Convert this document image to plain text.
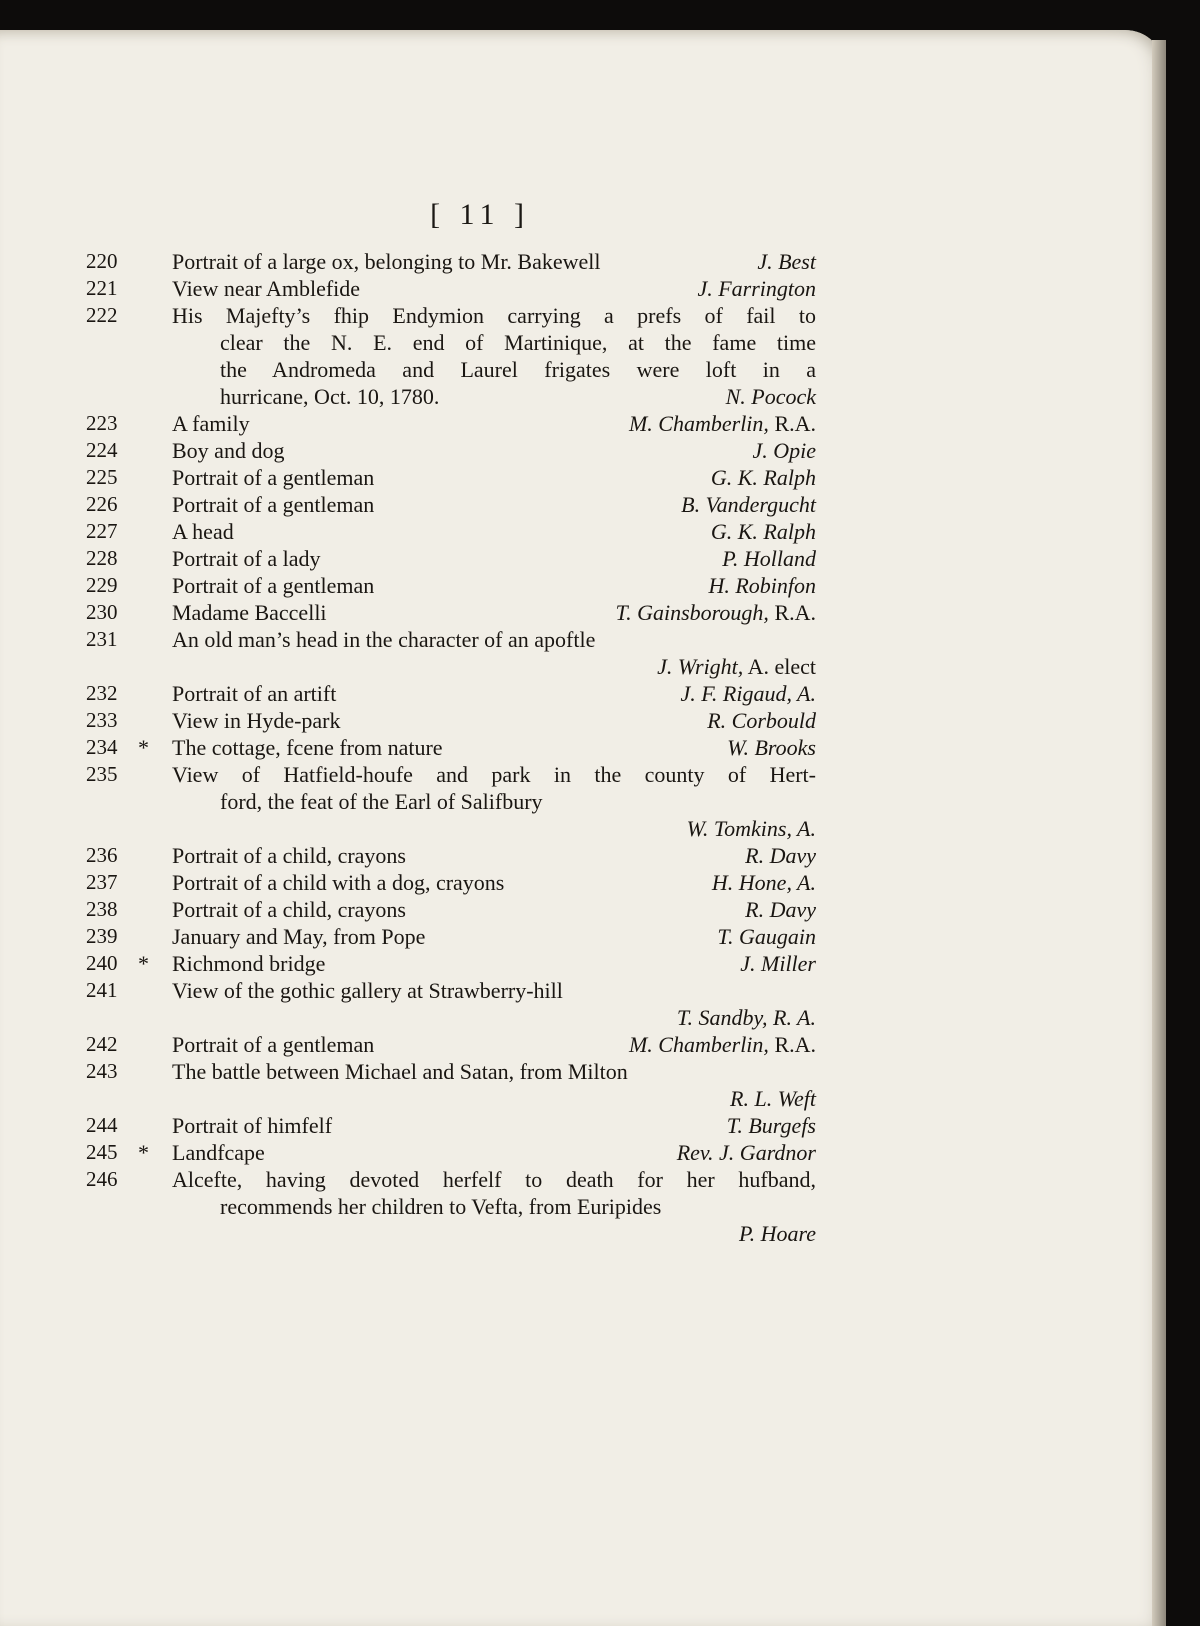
[ 11 ]
220	Portrait of a large ox, belonging to Mr. Bakewell	J. Best
221	View near Amblefide	J. Farrington
222	His Majefty’s fhip Endymion carrying a prefs of fail to
clear the N. E. end of Martinique, at the fame time
the Andromeda and Laurel frigates were loft in a
hurricane, Oct. 10, 1780.	N. Pocock
223	A family	M. Chamberlin, R.A.
224	Boy and dog	J. Opie
225	Portrait of a gentleman	G. K. Ralph
226	Portrait of a gentleman	B. Vandergucht
227	A head	G. K. Ralph
228	Portrait of a lady	P. Holland
229	Portrait of a gentleman	H. Robinfon
230	Madame Baccelli	T. Gainsborough, R.A.
231	An old man’s head in the character of an apoftle
J. Wright, A. elect
232	Portrait of an artift	J. F. Rigaud, A.
233	View in Hyde-park	R. Corbould
234 *	The cottage, fcene from nature	W. Brooks
235	View of Hatfield-houfe and park in the county of Hert-
ford, the feat of the Earl of Salifbury
W. Tomkins, A.
236	Portrait of a child, crayons	R. Davy
237	Portrait of a child with a dog, crayons	H. Hone, A.
238	Portrait of a child, crayons	R. Davy
239	January and May, from Pope	T. Gaugain
240 *	Richmond bridge	J. Miller
241	View of the gothic gallery at Strawberry-hill
T. Sandby, R. A.
242	Portrait of a gentleman	M. Chamberlin, R.A.
243	The battle between Michael and Satan, from Milton
R. L. Weft
244	Portrait of himfelf	T. Burgefs
245 *	Landfcape	Rev. J. Gardnor
246	Alcefte, having devoted herfelf to death for her hufband,
recommends her children to Vefta, from Euripides
P. Hoare
